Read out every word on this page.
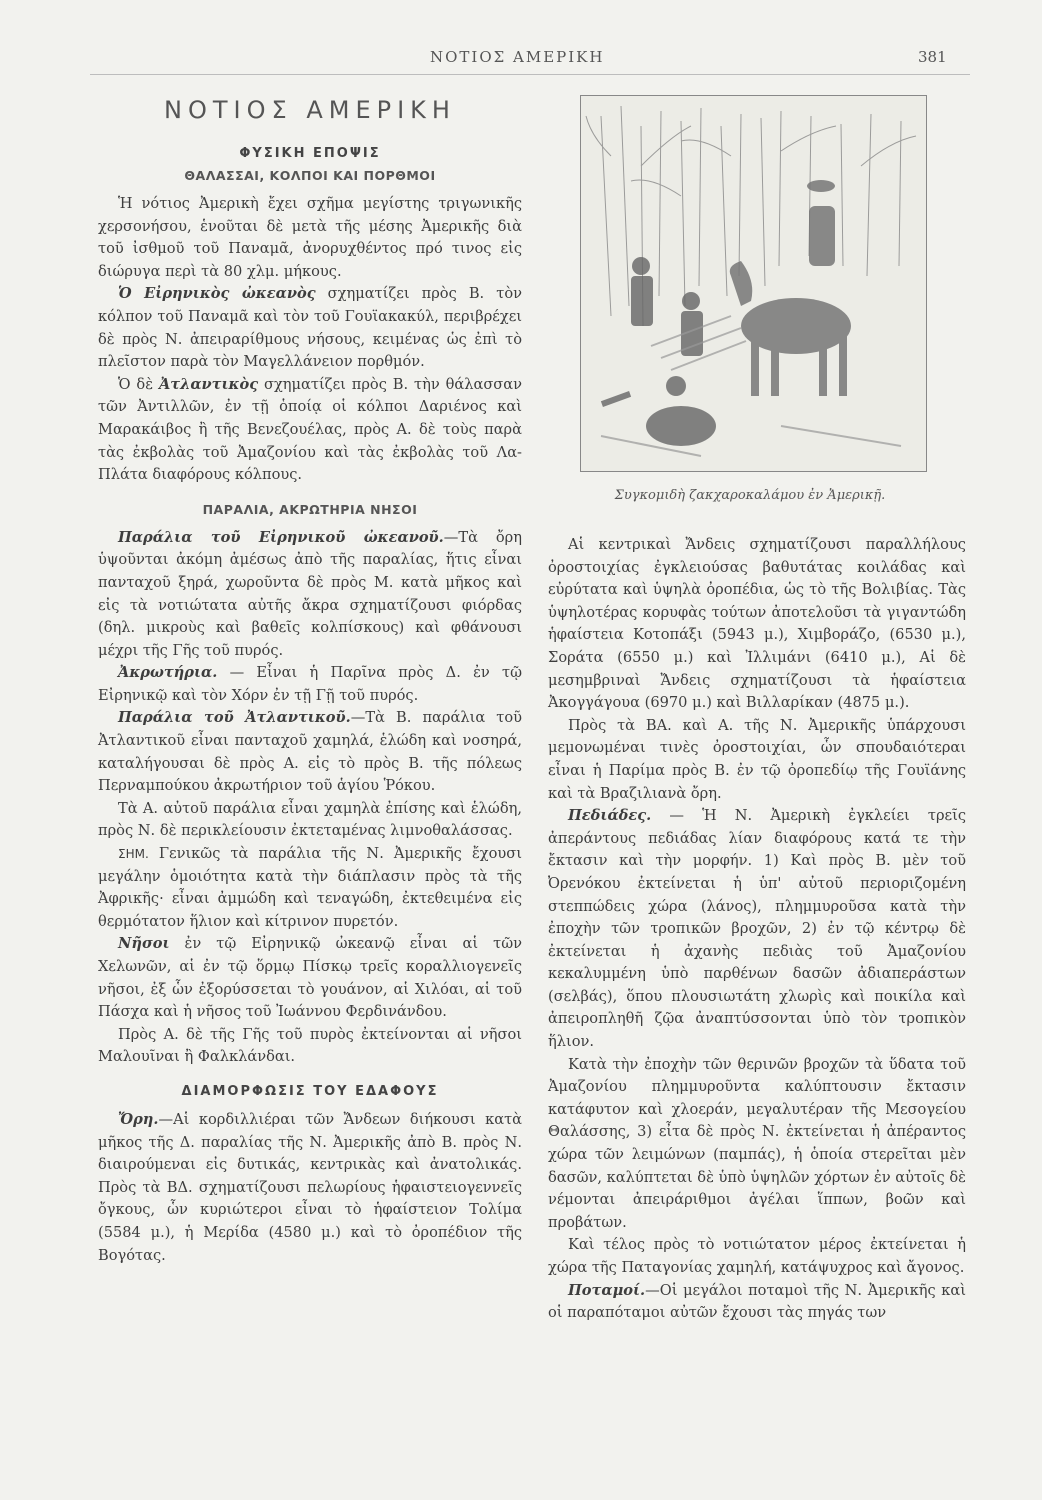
ΝΟΤΙΟΣ ΑΜΕΡΙΚΗ	381
ΝΟΤΙΟΣ ΑΜΕΡΙΚΗ
ΦΥΣΙΚΗ ΕΠΟΨΙΣ
ΘΑΛΑΣΣΑΙ, ΚΟΛΠΟΙ ΚΑΙ ΠΟΡΘΜΟΙ

Ἡ νότιος Ἀμερικὴ ἔχει σχῆμα μεγίστης τριγωνικῆς χερσονήσου, ἑνοῦται δὲ μετὰ τῆς μέσης Ἀμερικῆς διὰ τοῦ ἰσθμοῦ τοῦ Παναμᾶ, ἀνορυχθέντος πρό τινος εἰς διώρυγα περὶ τὰ 80 χλμ. μήκους.

Ὁ Εἰρηνικὸς ὠκεανὸς σχηματίζει πρὸς Β. τὸν κόλπον τοῦ Παναμᾶ καὶ τὸν τοῦ Γουϊακακύλ, περιβρέχει δὲ πρὸς Ν. ἀπειραρίθμους νήσους, κειμένας ὡς ἐπὶ τὸ πλεῖστον παρὰ τὸν Μαγελλάνειον πορθμόν.

Ὁ δὲ Ἀτλαντικὸς σχηματίζει πρὸς Β. τὴν θάλασσαν τῶν Ἀντιλλῶν, ἐν τῇ ὁποίᾳ οἱ κόλποι Δαριένος καὶ Μαρακάιβος ἢ τῆς Βενεζουέλας, πρὸς Α. δὲ τοὺς παρὰ τὰς ἐκβολὰς τοῦ Ἀμαζονίου καὶ τὰς ἐκβολὰς τοῦ Λα-Πλάτα διαφόρους κόλπους.

ΠΑΡΑΛΙΑ, ΑΚΡΩΤΗΡΙΑ ΝΗΣΟΙ

Παράλια τοῦ Εἰρηνικοῦ ὠκεανοῦ.—Τὰ ὄρη ὑψοῦνται ἀκόμη ἀμέσως ἀπὸ τῆς παραλίας, ἥτις εἶναι πανταχοῦ ξηρά, χωροῦντα δὲ πρὸς Μ. κατὰ μῆκος καὶ εἰς τὰ νοτιώτατα αὐτῆς ἄκρα σχηματίζουσι φιόρδας (δηλ. μικροὺς καὶ βαθεῖς κολπίσκους) καὶ φθάνουσι μέχρι τῆς Γῆς τοῦ πυρός.

Ἀκρωτήρια. — Εἶναι ἡ Παρῖνα πρὸς Δ. ἐν τῷ Εἰρηνικῷ καὶ τὸν Χόρν ἐν τῇ Γῇ τοῦ πυρός.

Παράλια τοῦ Ἀτλαντικοῦ.—Τὰ Β. παράλια τοῦ Ἀτλαντικοῦ εἶναι πανταχοῦ χαμηλά, ἑλώδη καὶ νοσηρά, καταλήγουσαι δὲ πρὸς Α. εἰς τὸ πρὸς Β. τῆς πόλεως Περναμπούκου ἀκρωτήριον τοῦ ἁγίου Ῥόκου.

Τὰ Α. αὐτοῦ παράλια εἶναι χαμηλὰ ἐπίσης καὶ ἑλώδη, πρὸς Ν. δὲ περικλείουσιν ἐκτεταμένας λιμνοθαλάσσας.

ΣΗΜ. Γενικῶς τὰ παράλια τῆς Ν. Ἀμερικῆς ἔχουσι μεγάλην ὁμοιότητα κατὰ τὴν διάπλασιν πρὸς τὰ τῆς Ἀφρικῆς· εἶναι ἀμμώδη καὶ τεναγώδη, ἐκτεθειμένα εἰς θερμότατον ἥλιον καὶ κίτρινον πυρετόν.

Νῆσοι ἐν τῷ Εἰρηνικῷ ὠκεανῷ εἶναι αἱ τῶν Χελωνῶν, αἱ ἐν τῷ ὅρμῳ Πίσκῳ τρεῖς κοραλλιογενεῖς νῆσοι, ἐξ ὧν ἐξορύσσεται τὸ γουάνον, αἱ Χιλόαι, αἱ τοῦ Πάσχα καὶ ἡ νῆσος τοῦ Ἰωάννου Φερδινάνδου.

Πρὸς Α. δὲ τῆς Γῆς τοῦ πυρὸς ἐκτείνονται αἱ νῆσοι Μαλουῖναι ἢ Φαλκλάνδαι.

ΔΙΑΜΟΡΦΩΣΙΣ ΤΟΥ ΕΔΑΦΟΥΣ

Ὄρη.—Αἱ κορδιλλιέραι τῶν Ἄνδεων διήκουσι κατὰ μῆκος τῆς Δ. παραλίας τῆς Ν. Ἀμερικῆς ἀπὸ Β. πρὸς Ν. διαιρούμεναι εἰς δυτικάς, κεντρικὰς καὶ ἀνατολικάς. Πρὸς τὰ ΒΔ. σχηματίζουσι πελωρίους ἡφαιστειογεννεῖς ὄγκους, ὧν κυριώτεροι εἶναι τὸ ἡφαίστειον Τολίμα (5584 μ.), ἡ Μερίδα (4580 μ.) καὶ τὸ ὀροπέδιον τῆς Βογότας.

Συγκομιδὴ ζακχαροκαλάμου ἐν Ἀμερικῇ.

Αἱ κεντρικαὶ Ἄνδεις σχηματίζουσι παραλλήλους ὀροστοιχίας ἐγκλειούσας βαθυτάτας κοιλάδας καὶ εὐρύτατα καὶ ὑψηλὰ ὀροπέδια, ὡς τὸ τῆς Βολιβίας. Τὰς ὑψηλοτέρας κορυφὰς τούτων ἀποτελοῦσι τὰ γιγαντώδη ἡφαίστεια Κοτοπάξι (5943 μ.), Χιμβοράζο, (6530 μ.), Σοράτα (6550 μ.) καὶ Ἰλλιμάνι (6410 μ.), Αἱ δὲ μεσημβριναὶ Ἄνδεις σχηματίζουσι τὰ ἡφαίστεια Ἀκογγάγουα (6970 μ.) καὶ Βιλλαρίκαν (4875 μ.).

Πρὸς τὰ ΒΑ. καὶ Α. τῆς Ν. Ἀμερικῆς ὑπάρχουσι μεμονωμέναι τινὲς ὀροστοιχίαι, ὧν σπουδαιότεραι εἶναι ἡ Παρίμα πρὸς Β. ἐν τῷ ὀροπεδίῳ τῆς Γουϊάνης καὶ τὰ Βραζιλιανὰ ὄρη.

Πεδιάδες. — Ἡ Ν. Ἀμερικὴ ἐγκλείει τρεῖς ἀπεράντους πεδιάδας λίαν διαφόρους κατά τε τὴν ἔκτασιν καὶ τὴν μορφήν. 1) Καὶ πρὸς Β. μὲν τοῦ Ὀρενόκου ἐκτείνεται ἡ ὑπ' αὐτοῦ περιοριζομένη στεππώδεις χώρα (λάνος), πλημμυροῦσα κατὰ τὴν ἐποχὴν τῶν τροπικῶν βροχῶν, 2) ἐν τῷ κέντρῳ δὲ ἐκτείνεται ἡ ἀχανὴς πεδιὰς τοῦ Ἀμαζονίου κεκαλυμμένη ὑπὸ παρθένων δασῶν ἀδιαπεράστων (σελβάς), ὅπου πλουσιωτάτη χλωρὶς καὶ ποικίλα καὶ ἀπειροπληθῆ ζῷα ἀναπτύσσονται ὑπὸ τὸν τροπικὸν ἥλιον.

Κατὰ τὴν ἐποχὴν τῶν θερινῶν βροχῶν τὰ ὕδατα τοῦ Ἀμαζονίου πλημμυροῦντα καλύπτουσιν ἔκτασιν κατάφυτον καὶ χλοεράν, μεγαλυτέραν τῆς Μεσογείου Θαλάσσης, 3) εἶτα δὲ πρὸς Ν. ἐκτείνεται ἡ ἀπέραντος χώρα τῶν λειμώνων (παμπάς), ἡ ὁποία στερεῖται μὲν δασῶν, καλύπτεται δὲ ὑπὸ ὑψηλῶν χόρτων ἐν αὐτοῖς δὲ νέμονται ἀπειράριθμοι ἀγέλαι ἵππων, βοῶν καὶ προβάτων.

Καὶ τέλος πρὸς τὸ νοτιώτατον μέρος ἐκτείνεται ἡ χώρα τῆς Παταγονίας χαμηλή, κατάψυχρος καὶ ἄγονος.

Ποταμοί.—Οἱ μεγάλοι ποταμοὶ τῆς Ν. Ἀμερικῆς καὶ οἱ παραπόταμοι αὐτῶν ἔχουσι τὰς πηγάς των
